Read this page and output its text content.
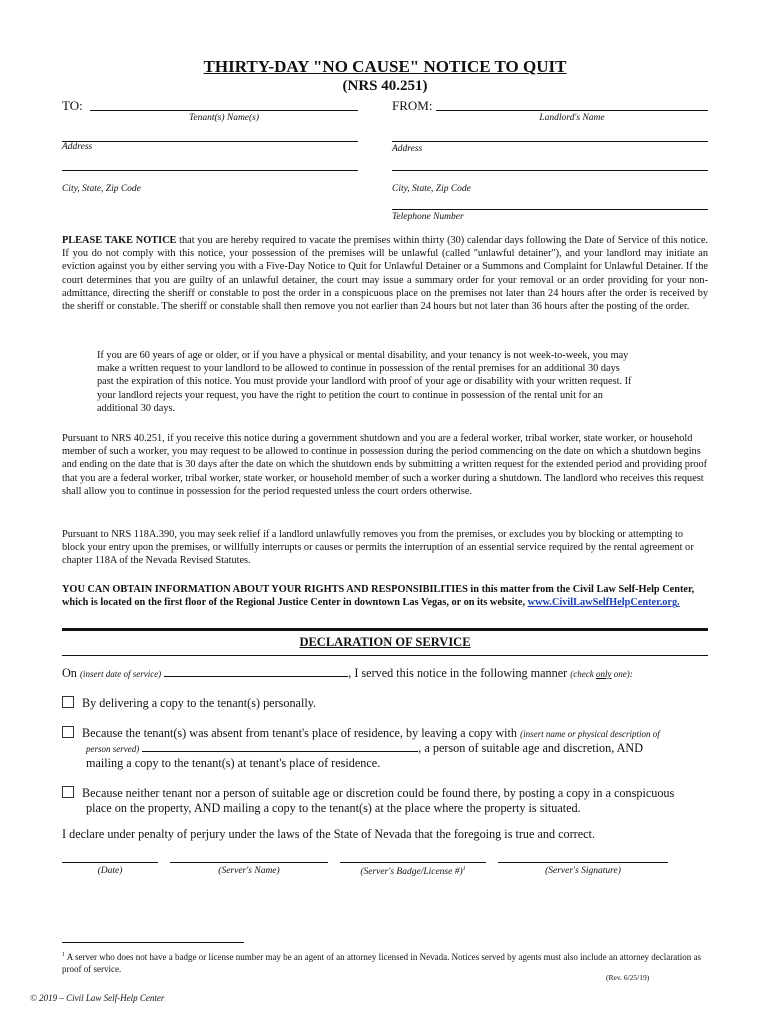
THIRTY-DAY "NO CAUSE" NOTICE TO QUIT
(NRS 40.251)
TO:
Tenant(s) Name(s)
Address
City, State, Zip Code
FROM:
Landlord's Name
Address
City, State, Zip Code
Telephone Number
PLEASE TAKE NOTICE that you are hereby required to vacate the premises within thirty (30) calendar days following the Date of Service of this notice. If you do not comply with this notice, your possession of the premises will be unlawful (called "unlawful detainer"), and your landlord may initiate an eviction against you by either serving you with a Five-Day Notice to Quit for Unlawful Detainer or a Summons and Complaint for Unlawful Detainer. If the court determines that you are guilty of an unlawful detainer, the court may issue a summary order for your removal or an order providing for your non-admittance, directing the sheriff or constable to post the order in a conspicuous place on the premises not later than 24 hours after the order is received by the sheriff or constable. The sheriff or constable shall then remove you not earlier than 24 hours but not later than 36 hours after the posting of the order.
If you are 60 years of age or older, or if you have a physical or mental disability, and your tenancy is not week-to-week, you may make a written request to your landlord to be allowed to continue in possession of the rental premises for an additional 30 days past the expiration of this notice. You must provide your landlord with proof of your age or disability with your written request. If your landlord rejects your request, you have the right to petition the court to continue in possession of the rental unit for an additional 30 days.
Pursuant to NRS 40.251, if you receive this notice during a government shutdown and you are a federal worker, tribal worker, state worker, or household member of such a worker, you may request to be allowed to continue in possession during the period commencing on the date on which a shutdown begins and ending on the date that is 30 days after the date on which the shutdown ends by submitting a written request for the extended period and providing proof that you are a federal worker, tribal worker, state worker, or household member of such a worker during a shutdown. The landlord who receives this request shall allow you to continue in possession for the period requested unless the court orders otherwise.
Pursuant to NRS 118A.390, you may seek relief if a landlord unlawfully removes you from the premises, or excludes you by blocking or attempting to block your entry upon the premises, or willfully interrupts or causes or permits the interruption of an essential service required by the rental agreement or chapter 118A of the Nevada Revised Statutes.
YOU CAN OBTAIN INFORMATION ABOUT YOUR RIGHTS AND RESPONSIBILITIES in this matter from the Civil Law Self-Help Center, which is located on the first floor of the Regional Justice Center in downtown Las Vegas, or on its website, www.CivilLawSelfHelpCenter.org.
DECLARATION OF SERVICE
On (insert date of service)	, I served this notice in the following manner (check only one):
By delivering a copy to the tenant(s) personally.
Because the tenant(s) was absent from tenant's place of residence, by leaving a copy with (insert name or physical description of
person served)	, a person of suitable age and discretion, AND
mailing a copy to the tenant(s) at tenant's place of residence.
Because neither tenant nor a person of suitable age or discretion could be found there, by posting a copy in a conspicuous
place on the property, AND mailing a copy to the tenant(s) at the place where the property is situated.
I declare under penalty of perjury under the laws of the State of Nevada that the foregoing is true and correct.
(Date)	(Server's Name)	(Server's Badge/License #)$^1$	(Server's Signature)
$^1$ A server who does not have a badge or license number may be an agent of an attorney licensed in Nevada. Notices served by agents must also include an attorney declaration as proof of service.
(Rev. 6/25/19)
© 2019 – Civil Law Self-Help Center
